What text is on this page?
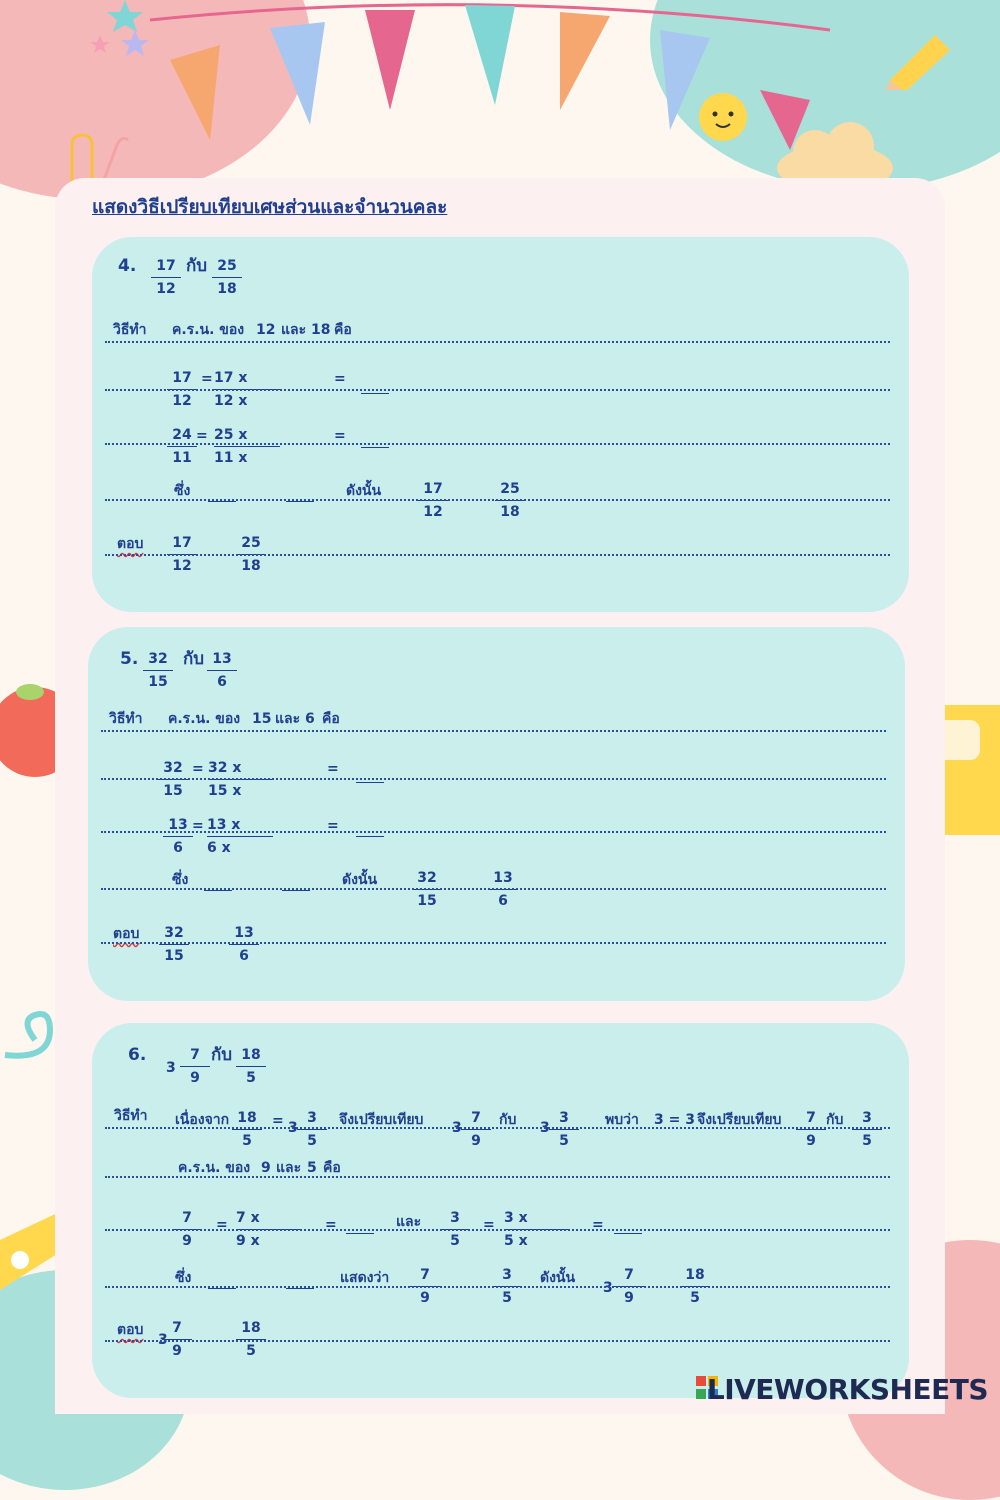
แสดงวิธีเปรียบเทียบเศษส่วนและจำนวนคละ
4. $\frac{17}{12}$ กับ $\frac{25}{18}$
วิธีทำ ค.ร.น. ของ 12 และ 18 คือ
$\frac{17}{12} = \frac{17 x}{12 x}$	=
$\frac{24}{11} = \frac{25 x}{11 x}$	=
ซึ่ง	ดังนั้น	$\frac{17}{12}$	$\frac{25}{18}$
ตอบ $\frac{17}{12}$	$\frac{25}{18}$
5. $\frac{32}{15}$ กับ $\frac{13}{6}$
วิธีทำ ค.ร.น. ของ 15 และ 6 คือ
$\frac{32}{15} = \frac{32 x}{15 x}$	=
$\frac{13}{6} = \frac{13 x}{6 x}$	=
ซึ่ง	ดังนั้น $\frac{32}{15}$	$\frac{13}{6}$
ตอบ $\frac{32}{15}$	$\frac{13}{6}$
6.
$3 \frac{7}{9}$ กับ $\frac{18}{5}$
วิธีทำ เนื่องจาก $\frac{18}{5} = 3 \frac{3}{5}$ จึงเปรียบเทียบ $3 \frac{7}{9}$ กับ $3 \frac{3}{5}$ พบว่า 3 = 3 จึงเปรียบเทียบ $\frac{7}{9}$ กับ $\frac{3}{5}$
ค.ร.น. ของ 9 และ 5 คือ
$\frac{7}{9} = \frac{7 x}{9 x}$	=	และ $\frac{3}{5} = \frac{3 x}{5 x}$	=
ซึ่ง	แสดงว่า $\frac{7}{9}$	$\frac{3}{5}$ ดังนั้น
$3 \frac{7}{9}$	$\frac{18}{5}$
ตอบ
3
$\frac{7}{9}$	$\frac{18}{5}$
LIVEWORKSHEETS
